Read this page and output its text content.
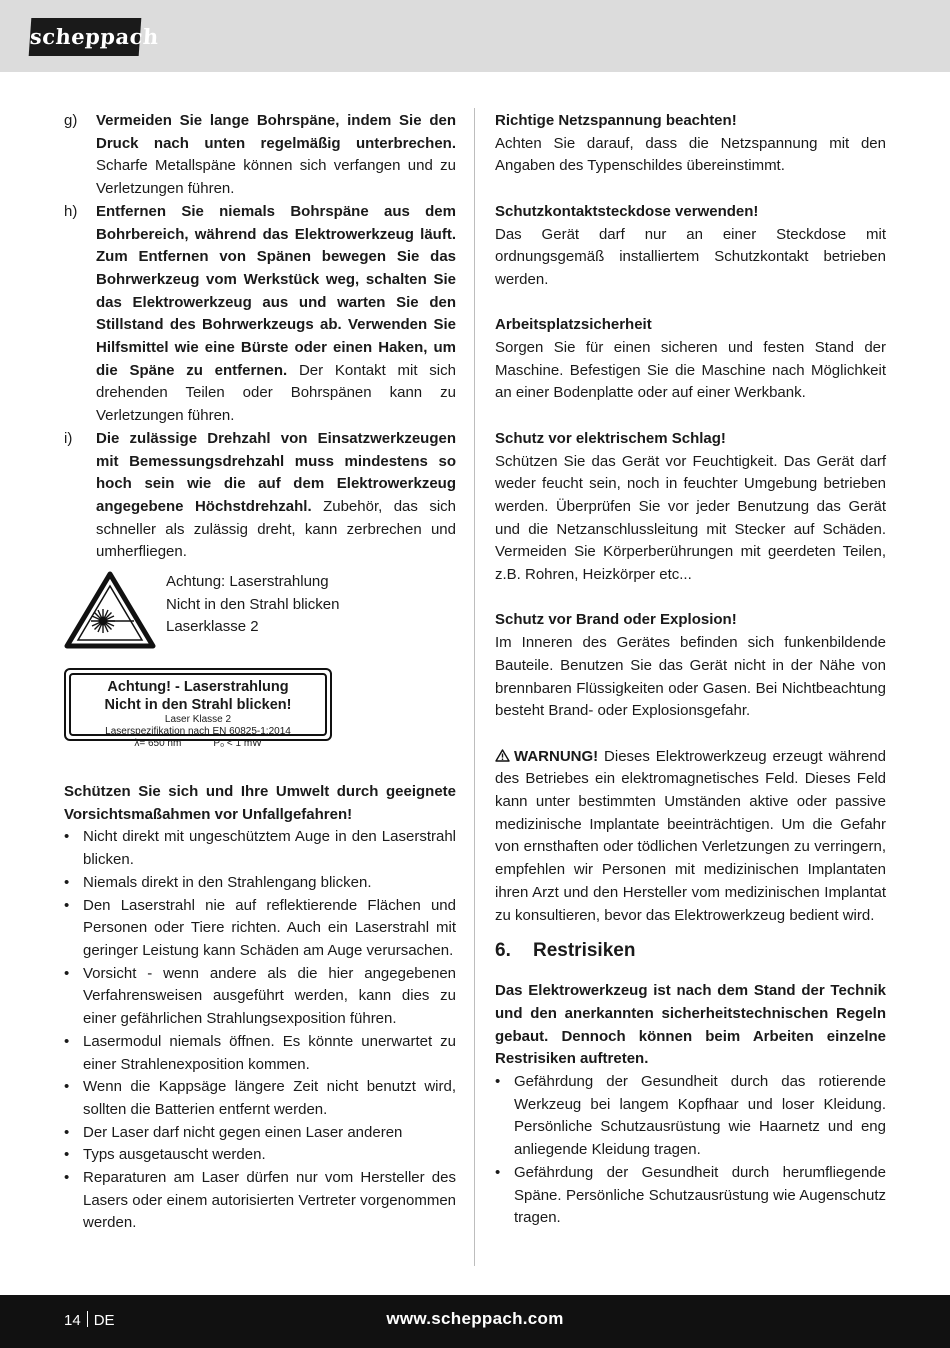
scheppach
g)	Vermeiden Sie lange Bohrspäne, indem Sie den Druck nach unten regelmäßig unterbrechen. Scharfe Metallspäne können sich verfangen und zu Verletzungen führen.
h)	Entfernen Sie niemals Bohrspäne aus dem Bohrbereich, während das Elektrowerkzeug läuft. Zum Entfernen von Spänen bewegen Sie das Bohrwerkzeug vom Werkstück weg, schalten Sie das Elektrowerkzeug aus und warten Sie den Stillstand des Bohrwerkzeugs ab. Verwenden Sie Hilfsmittel wie eine Bürste oder einen Haken, um die Späne zu entfernen. Der Kontakt mit sich drehenden Teilen oder Bohrspänen kann zu Verletzungen führen.
i)	Die zulässige Drehzahl von Einsatzwerkzeugen mit Bemessungsdrehzahl muss mindestens so hoch sein wie die auf dem Elektrowerkzeug angegebene Höchstdrehzahl. Zubehör, das sich schneller als zulässig dreht, kann zerbrechen und umherfliegen.
Achtung: Laserstrahlung
Nicht in den Strahl blicken
Laserklasse 2
Achtung! - Laserstrahlung
Nicht in den Strahl blicken!
Laser Klasse 2
Laserspezifikation nach EN 60825-1:2014
λ= 650 nm	P₀ < 1 mW

Schützen Sie sich und Ihre Umwelt durch geeignete Vorsichtsmaßahmen vor Unfallgefahren!

• Nicht direkt mit ungeschütztem Auge in den Laserstrahl blicken.
• Niemals direkt in den Strahlengang blicken.
• Den Laserstrahl nie auf reflektierende Flächen und Personen oder Tiere richten. Auch ein Laserstrahl mit geringer Leistung kann Schäden am Auge verursachen.
• Vorsicht - wenn andere als die hier angegebenen Verfahrensweisen ausgeführt werden, kann dies zu einer gefährlichen Strahlungsexposition führen.
• Lasermodul niemals öffnen. Es könnte unerwartet zu einer Strahlenexposition kommen.
• Wenn die Kappsäge längere Zeit nicht benutzt wird, sollten die Batterien entfernt werden.
• Der Laser darf nicht gegen einen Laser anderen
• Typs ausgetauscht werden.
• Reparaturen am Laser dürfen nur vom Hersteller des Lasers oder einem autorisierten Vertreter vorgenommen werden.

Richtige Netzspannung beachten!

Achten Sie darauf, dass die Netzspannung mit den Angaben des Typenschildes übereinstimmt.

Schutzkontaktsteckdose verwenden!

Das Gerät darf nur an einer Steckdose mit ordnungsgemäß installiertem Schutzkontakt betrieben werden.

Arbeitsplatzsicherheit

Sorgen Sie für einen sicheren und festen Stand der Maschine. Befestigen Sie die Maschine nach Möglichkeit an einer Bodenplatte oder auf einer Werkbank.

Schutz vor elektrischem Schlag!

Schützen Sie das Gerät vor Feuchtigkeit. Das Gerät darf weder feucht sein, noch in feuchter Umgebung betrieben werden. Überprüfen Sie vor jeder Benutzung das Gerät und die Netzanschlussleitung mit Stecker auf Schäden. Vermeiden Sie Körperberührungen mit geerdeten Teilen, z.B. Rohren, Heizkörper etc...

Schutz vor Brand oder Explosion!

Im Inneren des Gerätes befinden sich funkenbildende Bauteile. Benutzen Sie das Gerät nicht in der Nähe von brennbaren Flüssigkeiten oder Gasen. Bei Nichtbeachtung besteht Brand- oder Explosionsgefahr.

WARNUNG! Dieses Elektrowerkzeug erzeugt während des Betriebes ein elektromagnetisches Feld. Dieses Feld kann unter bestimmten Umständen aktive oder passive medizinische Implantate beeinträchtigen. Um die Gefahr von ernsthaften oder tödlichen Verletzungen zu verringern, empfehlen wir Personen mit medizinischen Implantaten ihren Arzt und den Hersteller vom medizinischen Implantat zu konsultieren, bevor das Elektrowerkzeug bedient wird.

6.	Restrisiken

Das Elektrowerkzeug ist nach dem Stand der Technik und den anerkannten sicherheitstechnischen Regeln gebaut. Dennoch können beim Arbeiten einzelne Restrisiken auftreten.

• Gefährdung der Gesundheit durch das rotierende Werkzeug bei langem Kopfhaar und loser Kleidung. Persönliche Schutzausrüstung wie Haarnetz und eng anliegende Kleidung tragen.
• Gefährdung der Gesundheit durch herumfliegende Späne. Persönliche Schutzausrüstung wie Augenschutz tragen.
14 DE	www.scheppach.com
